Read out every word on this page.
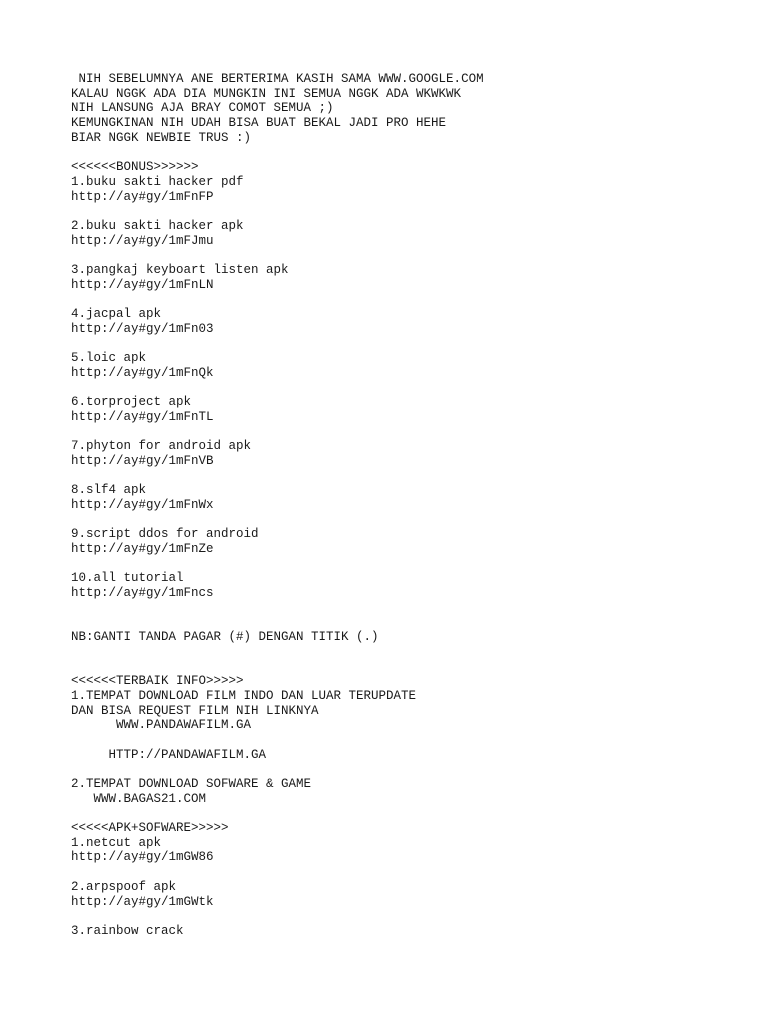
NIH SEBELUMNYA ANE BERTERIMA KASIH SAMA WWW.GOOGLE.COM
KALAU NGGK ADA DIA MUNGKIN INI SEMUA NGGK ADA WKWKWK
NIH LANSUNG AJA BRAY COMOT SEMUA ;)
KEMUNGKINAN NIH UDAH BISA BUAT BEKAL JADI PRO HEHE
BIAR NGGK NEWBIE TRUS :)
<<<<<<BONUS>>>>>>
1.buku sakti hacker pdf
http://ay#gy/1mFnFP
2.buku sakti hacker apk
http://ay#gy/1mFJmu
3.pangkaj keyboart listen apk
http://ay#gy/1mFnLN
4.jacpal apk
http://ay#gy/1mFn03
5.loic apk
http://ay#gy/1mFnQk
6.torproject apk
http://ay#gy/1mFnTL
7.phyton for android apk
http://ay#gy/1mFnVB
8.slf4 apk
http://ay#gy/1mFnWx
9.script ddos for android
http://ay#gy/1mFnZe
10.all tutorial
http://ay#gy/1mFncs
NB:GANTI TANDA PAGAR (#) DENGAN TITIK (.)
<<<<<<TERBAIK INFO>>>>>
1.TEMPAT DOWNLOAD FILM INDO DAN LUAR TERUPDATE
DAN BISA REQUEST FILM NIH LINKNYA
WWW.PANDAWAFILM.GA
HTTP://PANDAWAFILM.GA
2.TEMPAT DOWNLOAD SOFWARE & GAME
WWW.BAGAS21.COM
<<<<<APK+SOFWARE>>>>>
1.netcut apk
http://ay#gy/1mGW86
2.arpspoof apk
http://ay#gy/1mGWtk
3.rainbow crack
